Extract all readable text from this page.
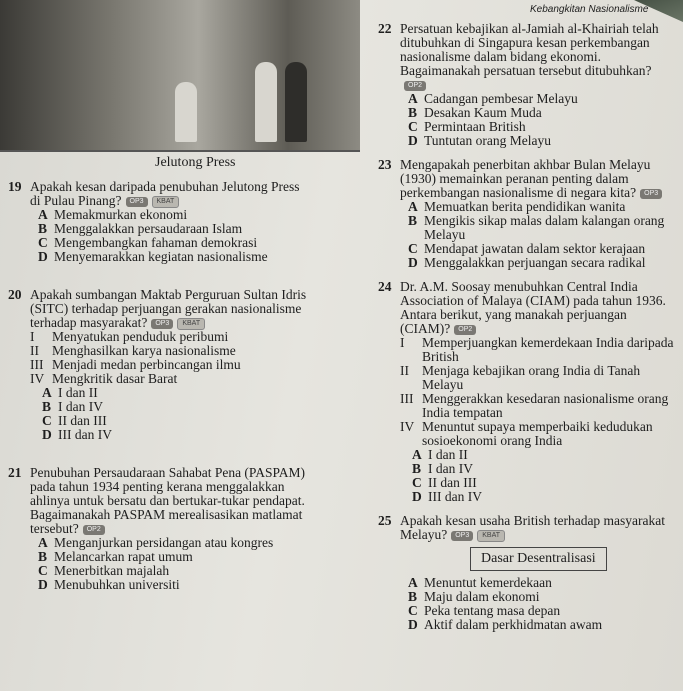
Jelutong Press
Kebangkitan Nasionalisme
19 Apakah kesan daripada penubuhan Jelutong Press

di Pulau Pinang? OP3 KBAT

A Memakmurkan ekonomi

B Menggalakkan persaudaraan Islam

C Mengembangkan fahaman demokrasi

D Menyemarakkan kegiatan nasionalisme

20 Apakah sumbangan Maktab Perguruan Sultan Idris

(SITC) terhadap perjuangan gerakan nasionalisme

terhadap masyarakat? OP3 KBAT

I Menyatukan penduduk peribumi

II Menghasilkan karya nasionalisme

III Menjadi medan perbincangan ilmu

IV Mengkritik dasar Barat

A I dan II

B I dan IV

C II dan III

D III dan IV

21 Penubuhan Persaudaraan Sahabat Pena (PASPAM)

pada tahun 1934 penting kerana menggalakkan

ahlinya untuk bersatu dan bertukar-tukar pendapat.

Bagaimanakah PASPAM merealisasikan matlamat

tersebut? OP2

A Menganjurkan persidangan atau kongres

B Melancarkan rapat umum

C Menerbitkan majalah

D Menubuhkan universiti

22 Persatuan kebajikan al-Jamiah al-Khairiah telah

ditubuhkan di Singapura kesan perkembangan

nasionalisme dalam bidang ekonomi.

Bagaimanakah persatuan tersebut ditubuhkan?OP2

A Cadangan pembesar Melayu

B Desakan Kaum Muda

C Permintaan British

D Tuntutan orang Melayu

23 Mengapakah penerbitan akhbar Bulan Melayu

(1930) memainkan peranan penting dalam

perkembangan nasionalisme di negara kita? OP3

A Memuatkan berita pendidikan wanita

B Mengikis sikap malas dalam kalangan orang Melayu

C Mendapat jawatan dalam sektor kerajaan

D Menggalakkan perjuangan secara radikal

24 Dr. A.M. Soosay menubuhkan Central India

Association of Malaya (CIAM) pada tahun 1936.

Antara berikut, yang manakah perjuangan

(CIAM)? OP2

I Memperjuangkan kemerdekaan India daripada British

II Menjaga kebajikan orang India di Tanah Melayu

III Menggerakkan kesedaran nasionalisme orang India tempatan

IV Menuntut supaya memperbaiki kedudukan sosioekonomi orang India

A I dan II

B I dan IV

C II dan III

D III dan IV

25 Apakah kesan usaha British terhadap masyarakat

Melayu? OP3 KBAT

Dasar Desentralisasi

A Menuntut kemerdekaan

B Maju dalam ekonomi

C Peka tentang masa depan

D Aktif dalam perkhidmatan awam
